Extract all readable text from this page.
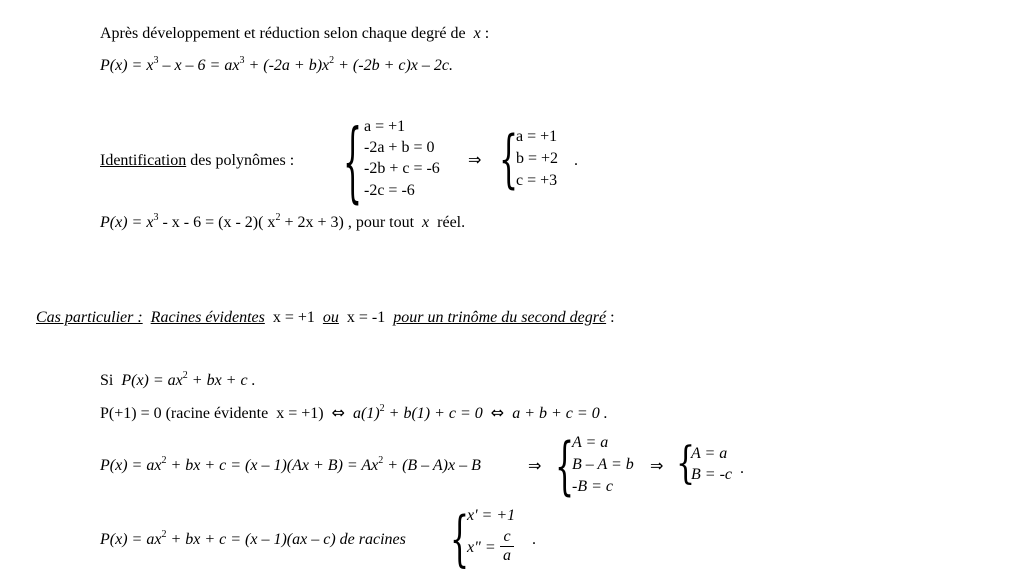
Après développement et réduction selon chaque degré de x :
$P(x) = x^3 - x - 6 = ax^3 + (-2a + b)x^2 + (-2b + c)x - 2c$.
Identification des polynômes : { a = +1
-2a + b = 0
-2b + c = -6
-2c = -6
⇒ {
a = +1
b = +2
c = +3
.
$P(x) = x^3 - x - 6 = (x - 2)$( $x^2 + 2x + 3$) , pour tout x réel.
Cas particulier : Racines évidentes x = +1 ou x = -1 pour un trinôme du second degré :
Si $P(x) = ax^2$ + bx + c .
P(+1) = 0 (racine évidente x = +1) ⇔ $a(1)^2 + b(1) + c = 0$ ⇔ a + b + c = 0 .
$P(x) = ax^2$ + bx + $c = (x - 1)(Ax + B) = Ax^2 + (B - A)x - B$	⇒ {
A = a
B – A = b
-B = c
⇒ {
A = a
B = -c .
$P(x) = ax^2$ + bx + c = (x – 1)(ax – c) de racines {
x' = +1
x" =
c
a
.
